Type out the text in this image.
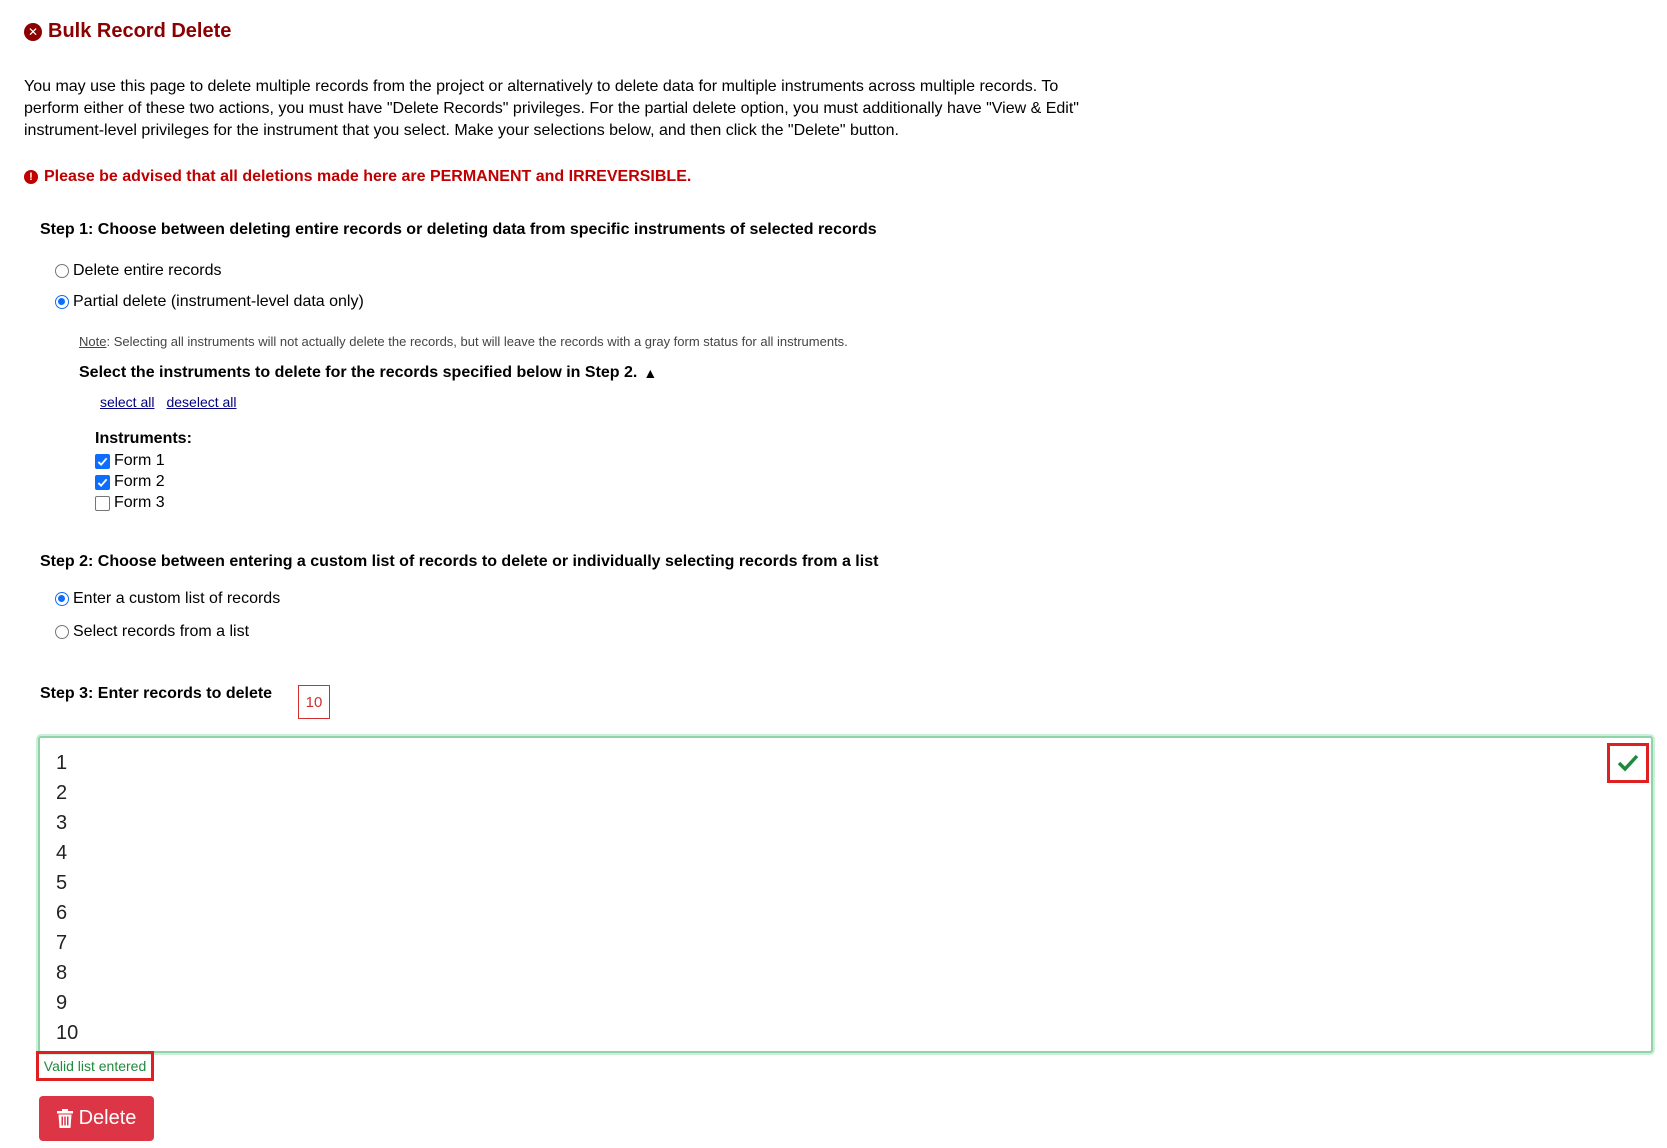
✕ Bulk Record Delete
You may use this page to delete multiple records from the project or alternatively to delete data for multiple instruments across multiple records. To perform either of these two actions, you must have "Delete Records" privileges. For the partial delete option, you must additionally have "View & Edit" instrument-level privileges for the instrument that you select. Make your selections below, and then click the "Delete" button.
! Please be advised that all deletions made here are PERMANENT and IRREVERSIBLE.
Step 1: Choose between deleting entire records or deleting data from specific instruments of selected records
Delete entire records
Partial delete (instrument-level data only)
Note: Selecting all instruments will not actually delete the records, but will leave the records with a gray form status for all instruments.
Select the instruments to delete for the records specified below in Step 2. ▲
select all deselect all
Instruments:
Form 1
Form 2
Form 3
Step 2: Choose between entering a custom list of records to delete or individually selecting records from a list
Enter a custom list of records
Select records from a list
Step 3: Enter records to delete	10
1
2
3
4
5
6
7
8
9
10
Valid list entered
Delete
